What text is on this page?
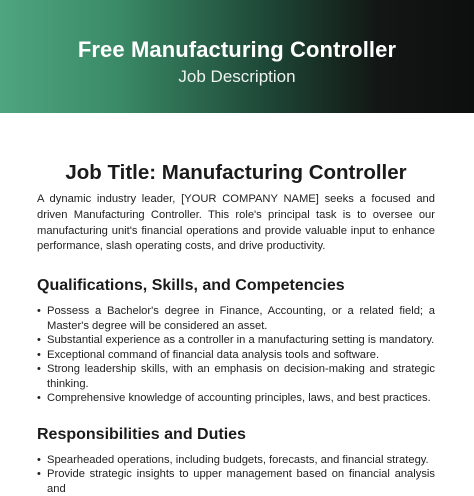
Free Manufacturing Controller
Job Description
Job Title: Manufacturing Controller

A dynamic industry leader, [YOUR COMPANY NAME] seeks a focused and driven Manufacturing Controller. This role's principal task is to oversee our manufacturing unit's financial operations and provide valuable input to enhance performance, slash operating costs, and drive productivity.

Qualifications, Skills, and Competencies
• Possess a Bachelor's degree in Finance, Accounting, or a related field; a Master's degree will be considered an asset.
• Substantial experience as a controller in a manufacturing setting is mandatory.
• Exceptional command of financial data analysis tools and software.
• Strong leadership skills, with an emphasis on decision-making and strategic thinking.
• Comprehensive knowledge of accounting principles, laws, and best practices.
Responsibilities and Duties
• Spearheaded operations, including budgets, forecasts, and financial strategy.
• Provide strategic insights to upper management based on financial analysis and
